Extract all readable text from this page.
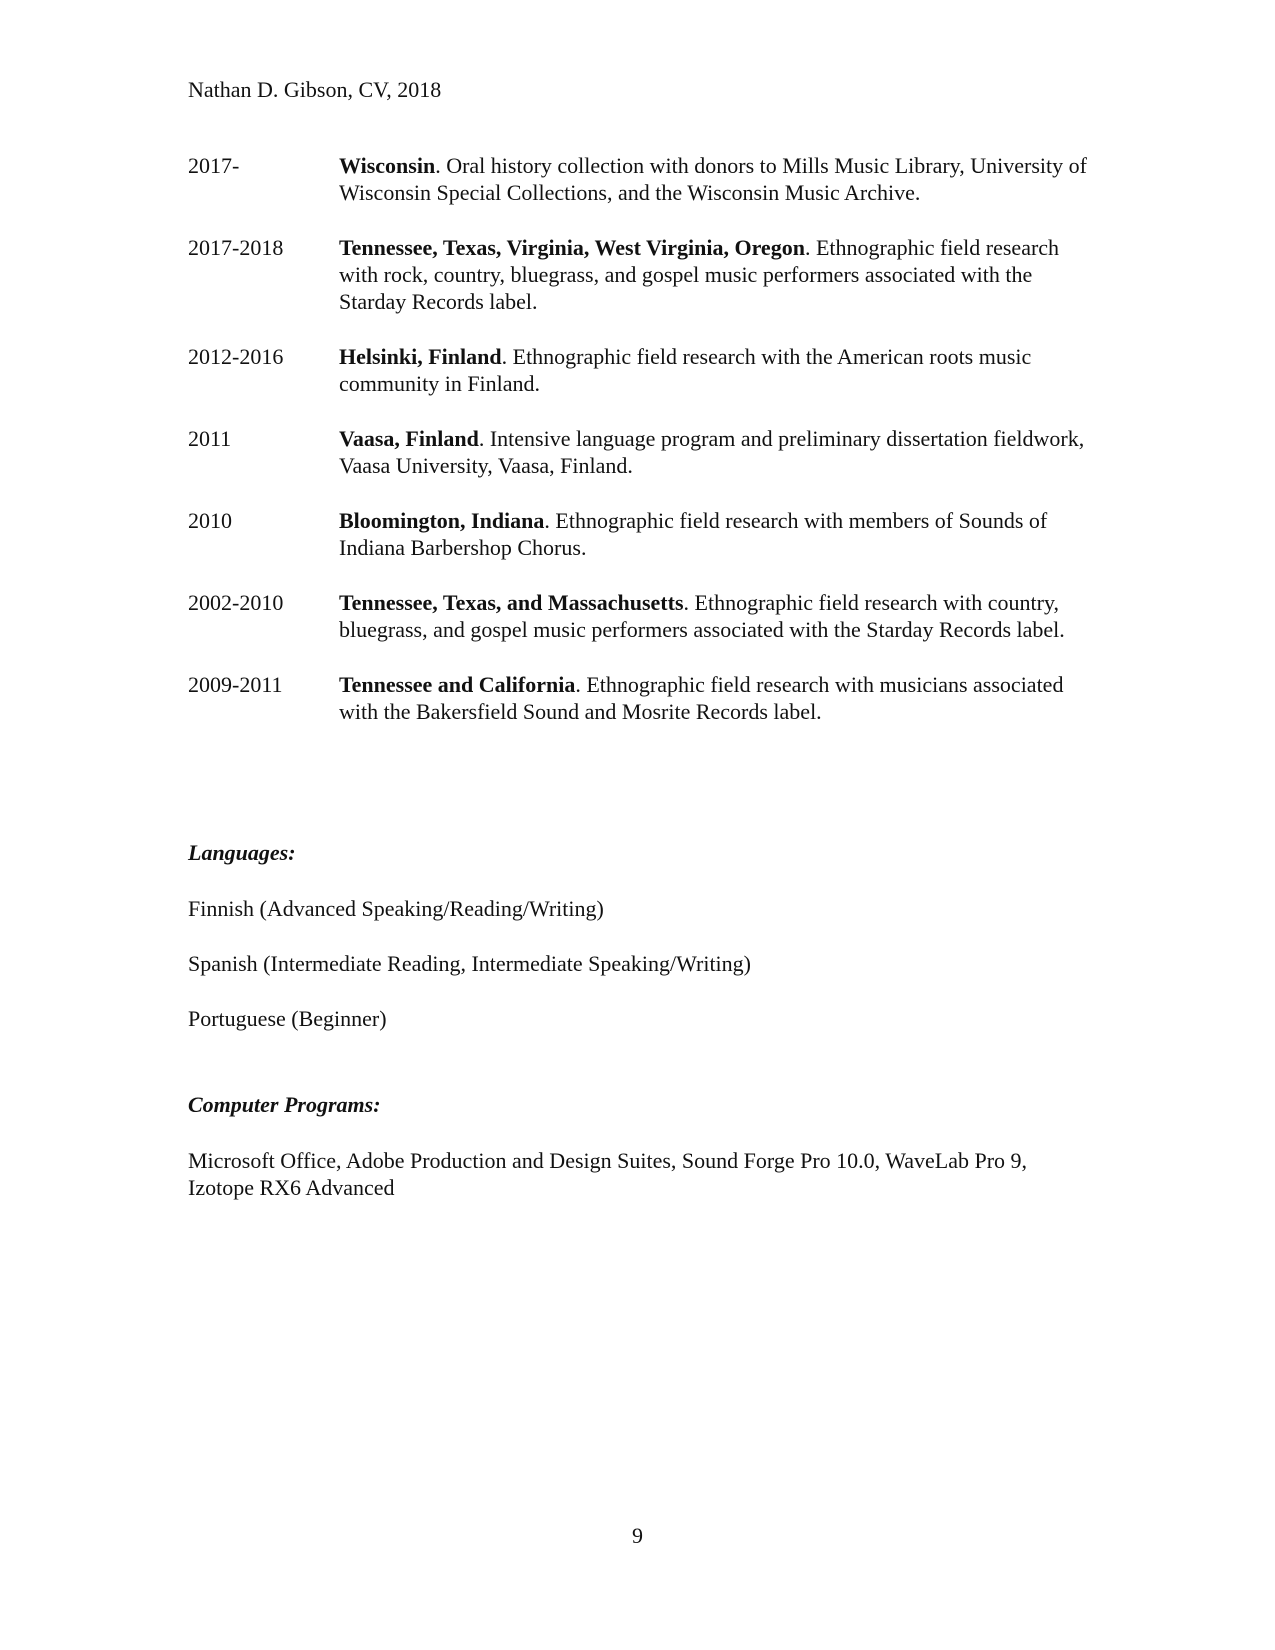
Nathan D. Gibson, CV, 2018
2017-	Wisconsin. Oral history collection with donors to Mills Music Library, University of Wisconsin Special Collections, and the Wisconsin Music Archive.
2017-2018	Tennessee, Texas, Virginia, West Virginia, Oregon. Ethnographic field research with rock, country, bluegrass, and gospel music performers associated with the Starday Records label.
2012-2016	Helsinki, Finland. Ethnographic field research with the American roots music community in Finland.
2011	Vaasa, Finland. Intensive language program and preliminary dissertation fieldwork, Vaasa University, Vaasa, Finland.
2010	Bloomington, Indiana. Ethnographic field research with members of Sounds of Indiana Barbershop Chorus.
2002-2010	Tennessee, Texas, and Massachusetts. Ethnographic field research with country, bluegrass, and gospel music performers associated with the Starday Records label.
2009-2011	Tennessee and California. Ethnographic field research with musicians associated with the Bakersfield Sound and Mosrite Records label.
Languages:

Finnish (Advanced Speaking/Reading/Writing)

Spanish (Intermediate Reading, Intermediate Speaking/Writing)

Portuguese (Beginner)

Computer Programs:
Microsoft Office, Adobe Production and Design Suites, Sound Forge Pro 10.0, WaveLab Pro 9, Izotope RX6 Advanced
9
